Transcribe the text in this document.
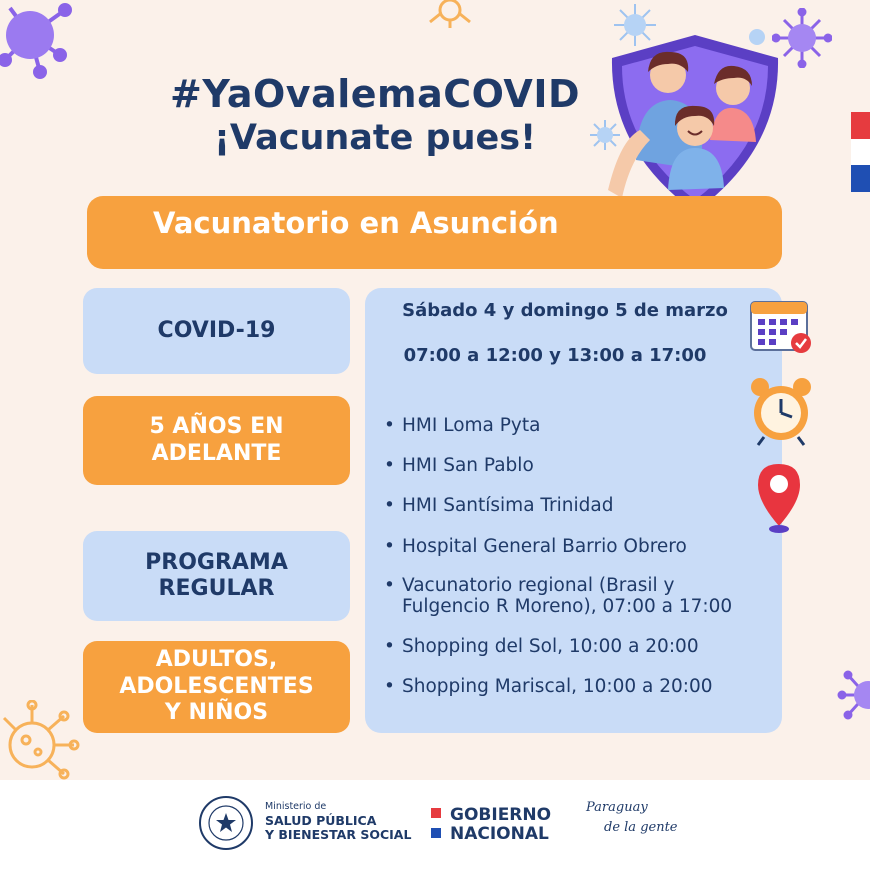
#YaOvalemaCOVID
¡Vacunate pues!
Vacunatorio en Asunción
COVID-19
5 AÑOS EN
ADELANTE
PROGRAMA
REGULAR
ADULTOS,
ADOLESCENTES
Y NIÑOS
Sábado 4 y domingo 5 de marzo
07:00 a 12:00 y 13:00 a 17:00
• HMI Loma Pyta
• HMI San Pablo
• HMI Santísima Trinidad
• Hospital General Barrio Obrero
•Vacunatorio regional (Brasil y
Fulgencio R Moreno), 07:00 a 17:00
• Shopping del Sol, 10:00 a 20:00
• Shopping Mariscal, 10:00 a 20:00
Ministerio de
SALUD PÚBLICA
Y BIENESTAR SOCIAL
GOBIERNO
NACIONAL
Paraguay
de la gente
